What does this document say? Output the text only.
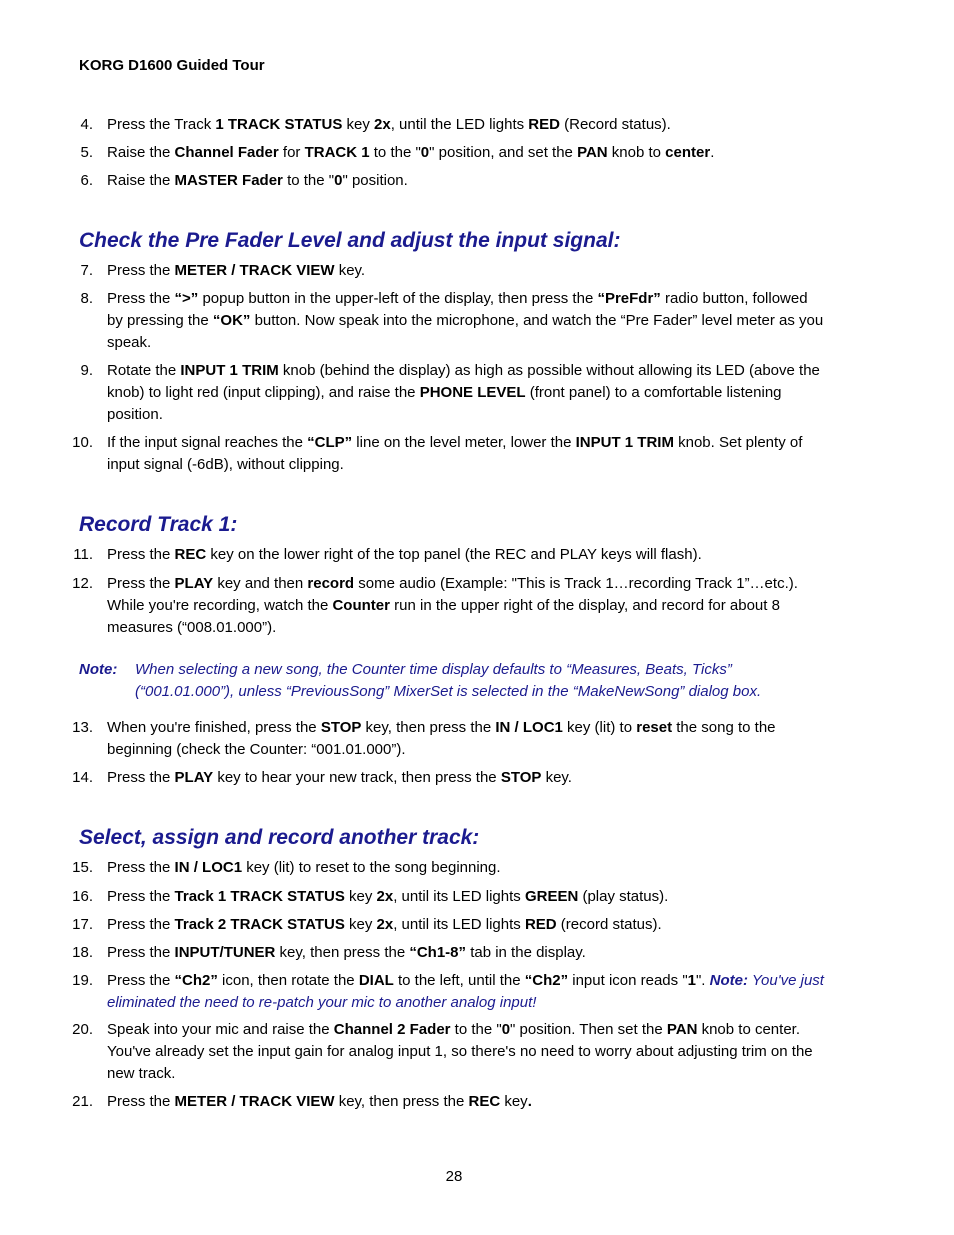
KORG D1600 Guided Tour
4. Press the Track 1 TRACK STATUS key 2x, until the LED lights RED (Record status).
5. Raise the Channel Fader for TRACK 1 to the "0" position, and set the PAN knob to center.
6. Raise the MASTER Fader to the "0" position.
Check the Pre Fader Level and adjust the input signal:
7. Press the METER / TRACK VIEW key.
8. Press the “>” popup button in the upper-left of the display, then press the “PreFdr” radio button, followed by pressing the “OK” button. Now speak into the microphone, and watch the “Pre Fader” level meter as you speak.
9. Rotate the INPUT 1 TRIM knob (behind the display) as high as possible without allowing its LED (above the knob) to light red (input clipping), and raise the PHONE LEVEL (front panel) to a comfortable listening position.
10. If the input signal reaches the “CLP” line on the level meter, lower the INPUT 1 TRIM knob. Set plenty of input signal (-6dB), without clipping.
Record Track 1:
11. Press the REC key on the lower right of the top panel (the REC and PLAY keys will flash).
12. Press the PLAY key and then record some audio (Example: "This is Track 1…recording Track 1”…etc.). While you're recording, watch the Counter run in the upper right of the display, and record for about 8 measures (“008.01.000”).
Note: When selecting a new song, the Counter time display defaults to “Measures, Beats, Ticks” (“001.01.000”), unless “PreviousSong” MixerSet is selected in the “MakeNewSong” dialog box.
13. When you're finished, press the STOP key, then press the IN / LOC1 key (lit) to reset the song to the beginning (check the Counter: “001.01.000”).
14. Press the PLAY key to hear your new track, then press the STOP key.
Select, assign and record another track:
15. Press the IN / LOC1 key (lit) to reset to the song beginning.
16. Press the Track 1 TRACK STATUS key 2x, until its LED lights GREEN (play status).
17. Press the Track 2 TRACK STATUS key 2x, until its LED lights RED (record status).
18. Press the INPUT/TUNER key, then press the “Ch1-8” tab in the display.
19. Press the “Ch2” icon, then rotate the DIAL to the left, until the “Ch2” input icon reads "1". Note: You've just eliminated the need to re-patch your mic to another analog input!
20. Speak into your mic and raise the Channel 2 Fader to the "0" position. Then set the PAN knob to center. You've already set the input gain for analog input 1, so there's no need to worry about adjusting trim on the new track.
21. Press the METER / TRACK VIEW key, then press the REC key.
28
